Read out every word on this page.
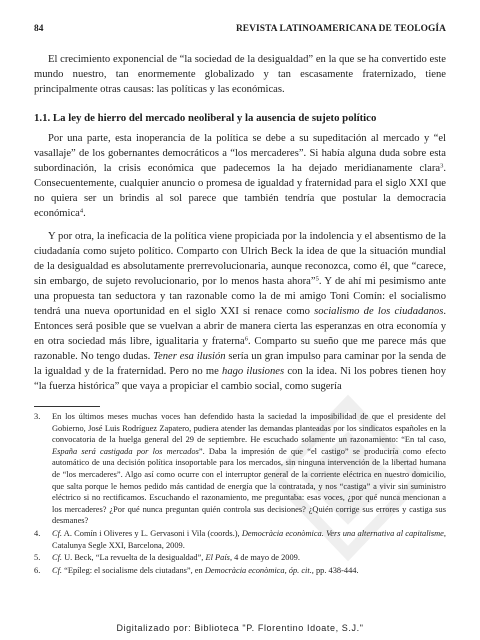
84	REVISTA LATINOAMERICANA DE TEOLOGÍA

El crecimiento exponencial de “la sociedad de la desigualdad” en la que se ha convertido este mundo nuestro, tan enormemente globalizado y tan escasamente fraternizado, tiene principalmente otras causas: las políticas y las económicas.

1.1. La ley de hierro del mercado neoliberal y la ausencia de sujeto político

Por una parte, esta inoperancia de la política se debe a su supeditación al mercado y “el vasallaje” de los gobernantes democráticos a “los mercaderes”. Si había alguna duda sobre esta subordinación, la crisis económica que padecemos la ha dejado meridianamente clara$^3$. Consecuentemente, cualquier anuncio o promesa de igualdad y fraternidad para el siglo XXI que no quiera ser un brindis al sol parece que también tendría que postular la democracia económica$^4$.

Y por otra, la ineficacia de la política viene propiciada por la indolencia y el absentismo de la ciudadanía como sujeto político. Comparto con Ulrich Beck la idea de que la situación mundial de la desigualdad es absolutamente prerrevolucionaria, aunque reconozca, como él, que “carece, sin embargo, de sujeto revolucionario, por lo menos hasta ahora”$^5$. Y de ahí mi pesimismo ante una propuesta tan seductora y tan razonable como la de mi amigo Toni Comín: el socialismo tendrá una nueva oportunidad en el siglo XXI si renace como socialismo de los ciudadanos. Entonces será posible que se vuelvan a abrir de manera cierta las esperanzas en otra economía y en otra sociedad más libre, igualitaria y fraterna$^6$. Comparto su sueño que me parece más que razonable. No tengo dudas. Tener esa ilusión sería un gran impulso para caminar por la senda de la igualdad y de la fraternidad. Pero no me hago ilusiones con la idea. Ni los pobres tienen hoy “la fuerza histórica” que vaya a propiciar el cambio social, como sugería

3.	En los últimos meses muchas voces han defendido hasta la saciedad la imposibilidad de que el presidente del Gobierno, José Luis Rodríguez Zapatero, pudiera atender las demandas planteadas por los sindicatos españoles en la convocatoria de la huelga general del 29 de septiembre. He escuchado solamente un razonamiento: “En tal caso, España será castigada por los mercados”. Daba la impresión de que “el castigo” se produciría como efecto automático de una decisión política insoportable para los mercados, sin ninguna intervención de la libertad humana de “los mercaderes”. Algo así como ocurre con el interruptor general de la corriente eléctrica en nuestro domicilio, que salta porque le hemos pedido más cantidad de energía que la contratada, y nos “castiga” a vivir sin suministro eléctrico si no rectificamos. Escuchando el razonamiento, me preguntaba: esas voces, ¿por qué nunca mencionan a los mercaderes? ¿Por qué nunca preguntan quién controla sus decisiones? ¿Quién corrige sus errores y castiga sus desmanes?
4.	Cf. A. Comín i Oliveres y L. Gervasoni i Vila (coords.), Democràcia econòmica. Vers una alternativa al capitalisme, Catalunya Segle XXI, Barcelona, 2009.
5.	Cf. U. Beck, “La revuelta de la desigualdad”, El País, 4 de mayo de 2009.
6.	Cf. “Epíleg: el socialisme dels ciutadans”, en Democràcia econòmica, óp. cit., pp. 438-444.
Digitalizado por: Biblioteca "P. Florentino Idoate, S.J."
